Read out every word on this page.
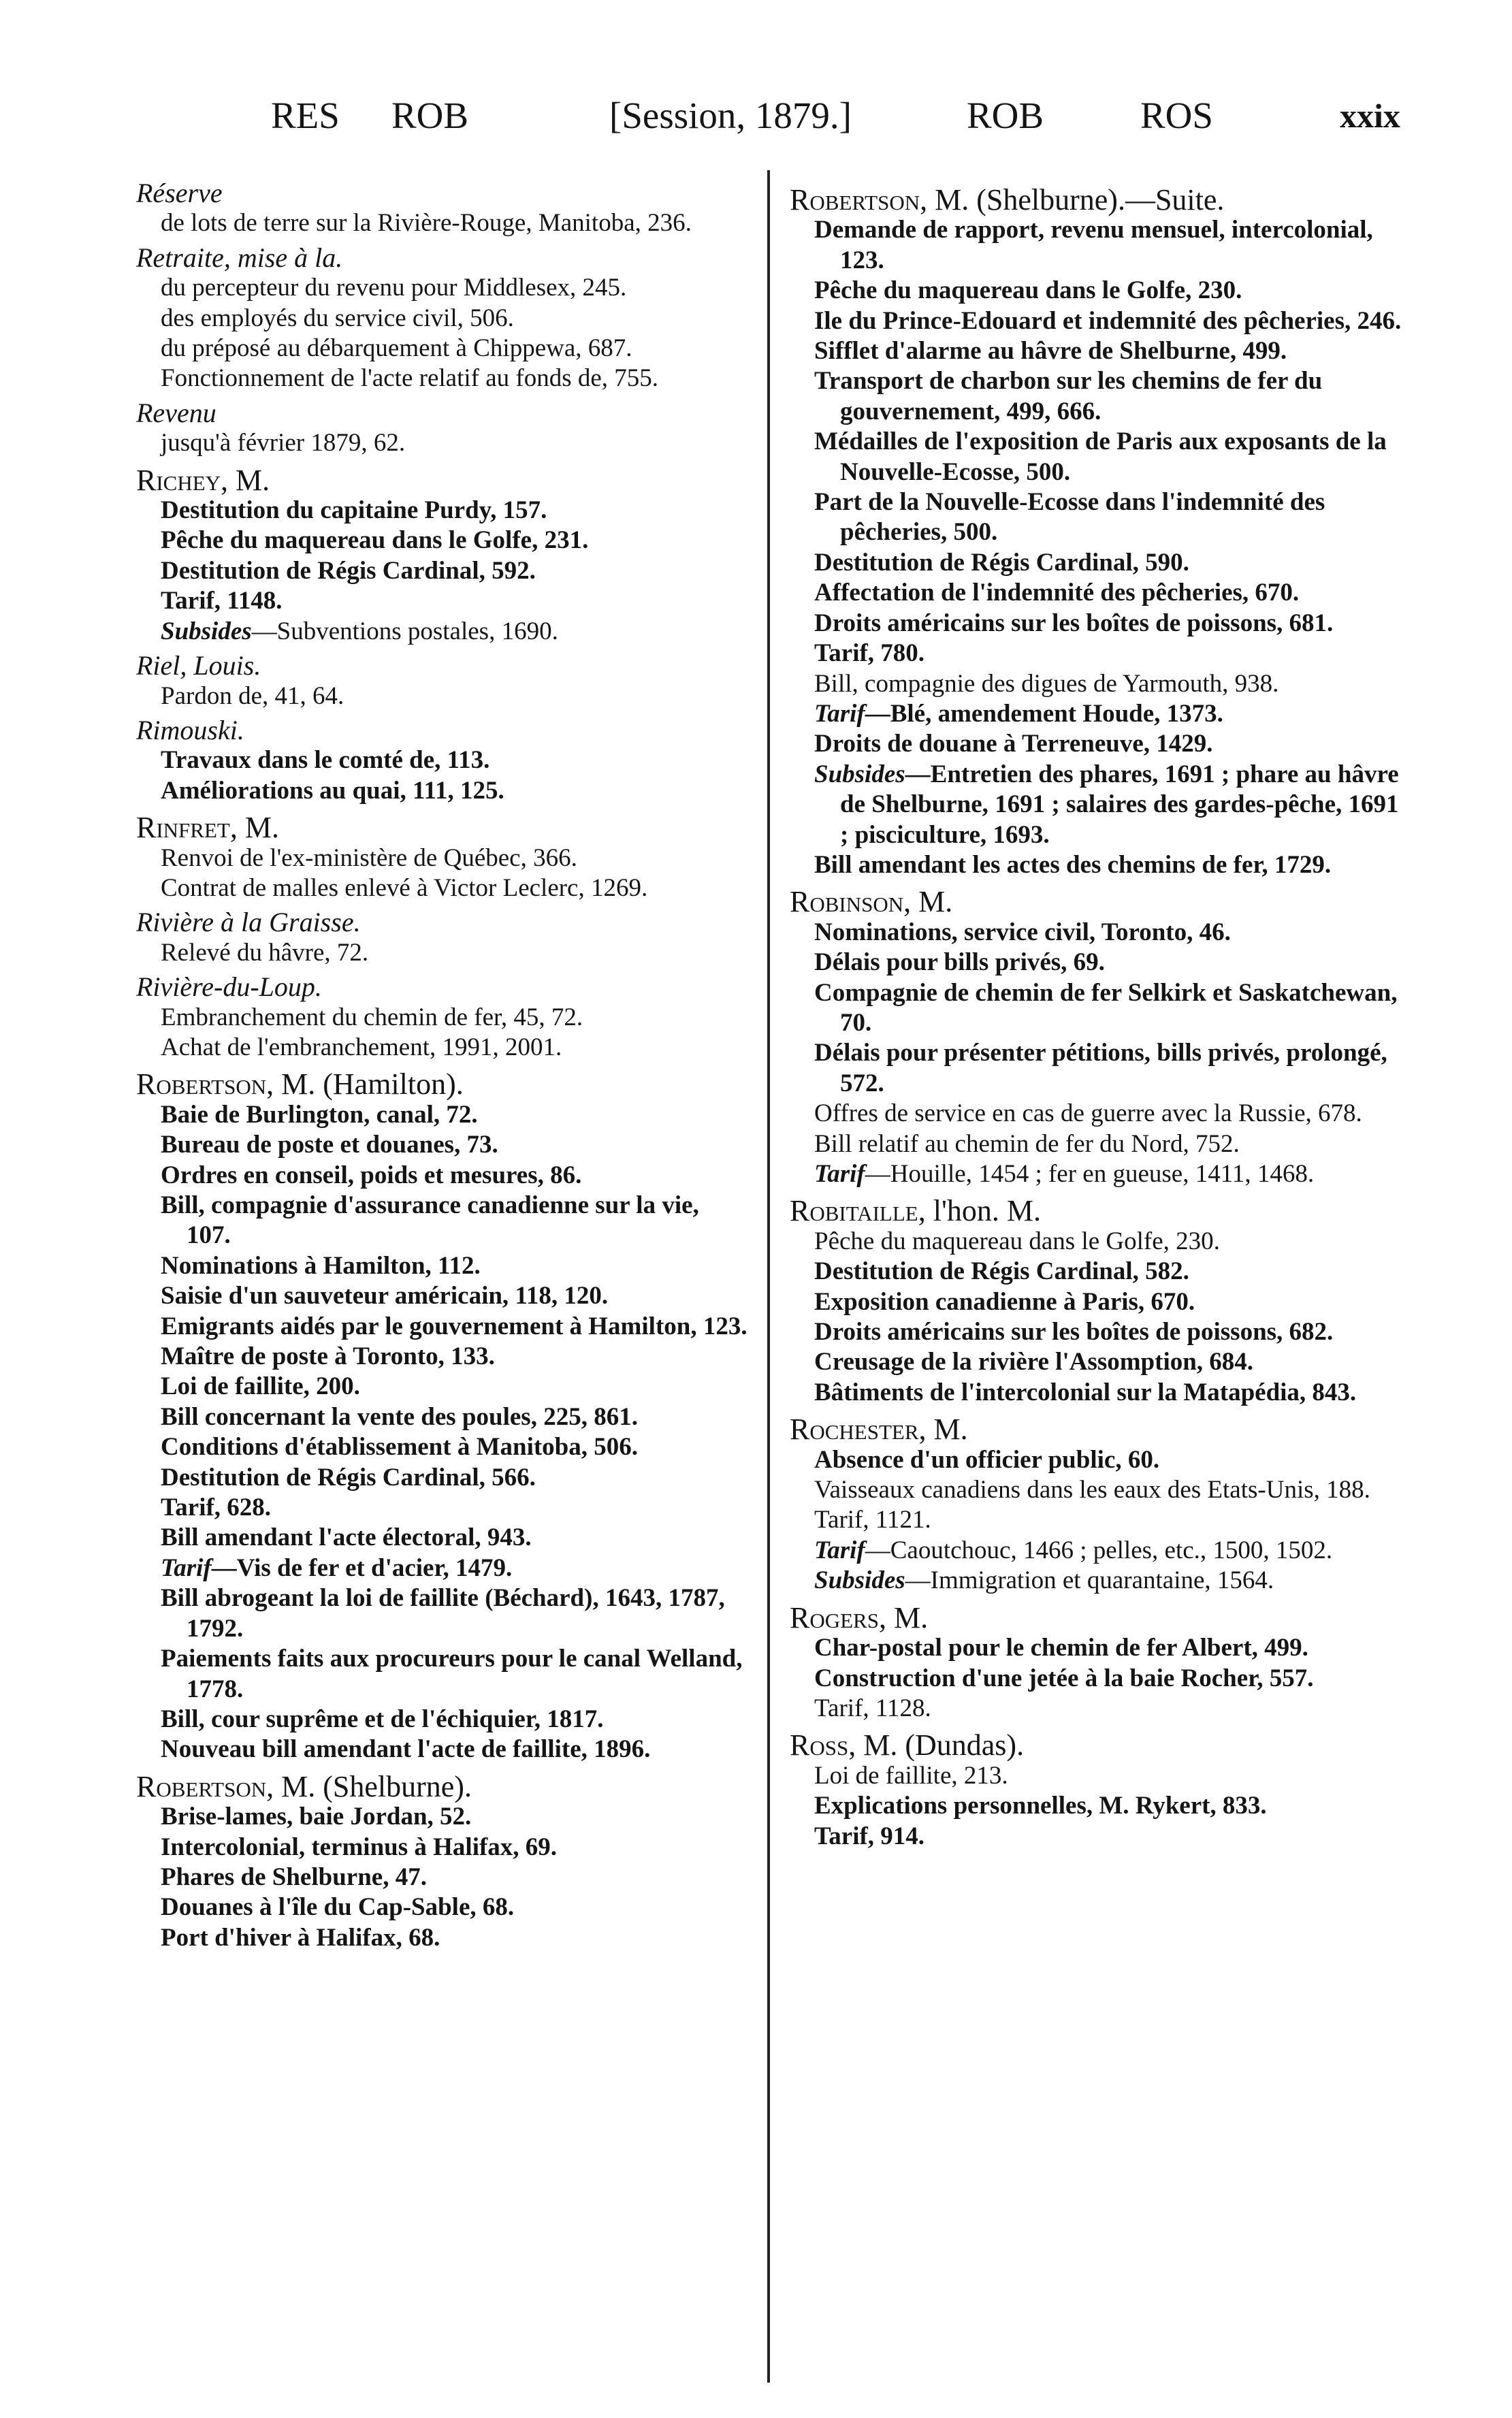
RES ROB	[Session, 1879.]	ROB	ROS	xxix
Réserve

de lots de terre sur la Rivière-Rouge, Manitoba, 236.

Retraite, mise à la.

du percepteur du revenu pour Middlesex, 245.

des employés du service civil, 506.

du préposé au débarquement à Chippewa, 687.

Fonctionnement de l'acte relatif au fonds de, 755.

Revenu

jusqu'à février 1879, 62.

Richey, M.

Destitution du capitaine Purdy, 157.

Pêche du maquereau dans le Golfe, 231.

Destitution de Régis Cardinal, 592.

Tarif, 1148.

Subsides—Subventions postales, 1690.

Riel, Louis.

Pardon de, 41, 64.

Rimouski.

Travaux dans le comté de, 113.

Améliorations au quai, 111, 125.

Rinfret, M.

Renvoi de l'ex-ministère de Québec, 366.

Contrat de malles enlevé à Victor Leclerc, 1269.

Rivière à la Graisse.

Relevé du hâvre, 72.

Rivière-du-Loup.

Embranchement du chemin de fer, 45, 72.

Achat de l'embranchement, 1991, 2001.

Robertson, M. (Hamilton).

Baie de Burlington, canal, 72.

Bureau de poste et douanes, 73.

Ordres en conseil, poids et mesures, 86.

Bill, compagnie d'assurance canadienne sur la vie, 107.

Nominations à Hamilton, 112.

Saisie d'un sauveteur américain, 118, 120.

Emigrants aidés par le gouvernement à Hamilton, 123.

Maître de poste à Toronto, 133.

Loi de faillite, 200.

Bill concernant la vente des poules, 225, 861.

Conditions d'établissement à Manitoba, 506.

Destitution de Régis Cardinal, 566.

Tarif, 628.

Bill amendant l'acte électoral, 943.

Tarif—Vis de fer et d'acier, 1479.

Bill abrogeant la loi de faillite (Béchard), 1643, 1787, 1792.

Paiements faits aux procureurs pour le canal Welland, 1778.

Bill, cour suprême et de l'échiquier, 1817.

Nouveau bill amendant l'acte de faillite, 1896.

Robertson, M. (Shelburne).

Brise-lames, baie Jordan, 52.

Intercolonial, terminus à Halifax, 69.

Phares de Shelburne, 47.

Douanes à l'île du Cap-Sable, 68.

Port d'hiver à Halifax, 68.

Robertson, M. (Shelburne).—Suite.

Demande de rapport, revenu mensuel, intercolonial, 123.

Pêche du maquereau dans le Golfe, 230.

Ile du Prince-Edouard et indemnité des pêcheries, 246.

Sifflet d'alarme au hâvre de Shelburne, 499.

Transport de charbon sur les chemins de fer du gouvernement, 499, 666.

Médailles de l'exposition de Paris aux exposants de la Nouvelle-Ecosse, 500.

Part de la Nouvelle-Ecosse dans l'indemnité des pêcheries, 500.

Destitution de Régis Cardinal, 590.

Affectation de l'indemnité des pêcheries, 670.

Droits américains sur les boîtes de poissons, 681.

Tarif, 780.

Bill, compagnie des digues de Yarmouth, 938.

Tarif—Blé, amendement Houde, 1373.

Droits de douane à Terreneuve, 1429.

Subsides—Entretien des phares, 1691 ; phare au hâvre de Shelburne, 1691 ; salaires des gardes-pêche, 1691 ; pisciculture, 1693.

Bill amendant les actes des chemins de fer, 1729.

Robinson, M.

Nominations, service civil, Toronto, 46.

Délais pour bills privés, 69.

Compagnie de chemin de fer Selkirk et Saskatchewan, 70.

Délais pour présenter pétitions, bills privés, prolongé, 572.

Offres de service en cas de guerre avec la Russie, 678.

Bill relatif au chemin de fer du Nord, 752.

Tarif—Houille, 1454 ; fer en gueuse, 1411, 1468.

Robitaille, l'hon. M.

Pêche du maquereau dans le Golfe, 230.

Destitution de Régis Cardinal, 582.

Exposition canadienne à Paris, 670.

Droits américains sur les boîtes de poissons, 682.

Creusage de la rivière l'Assomption, 684.

Bâtiments de l'intercolonial sur la Matapédia, 843.

Rochester, M.

Absence d'un officier public, 60.

Vaisseaux canadiens dans les eaux des Etats-Unis, 188.

Tarif, 1121.

Tarif—Caoutchouc, 1466 ; pelles, etc., 1500, 1502.

Subsides—Immigration et quarantaine, 1564.

Rogers, M.

Char-postal pour le chemin de fer Albert, 499.

Construction d'une jetée à la baie Rocher, 557.

Tarif, 1128.

Ross, M. (Dundas).

Loi de faillite, 213.

Explications personnelles, M. Rykert, 833.

Tarif, 914.
